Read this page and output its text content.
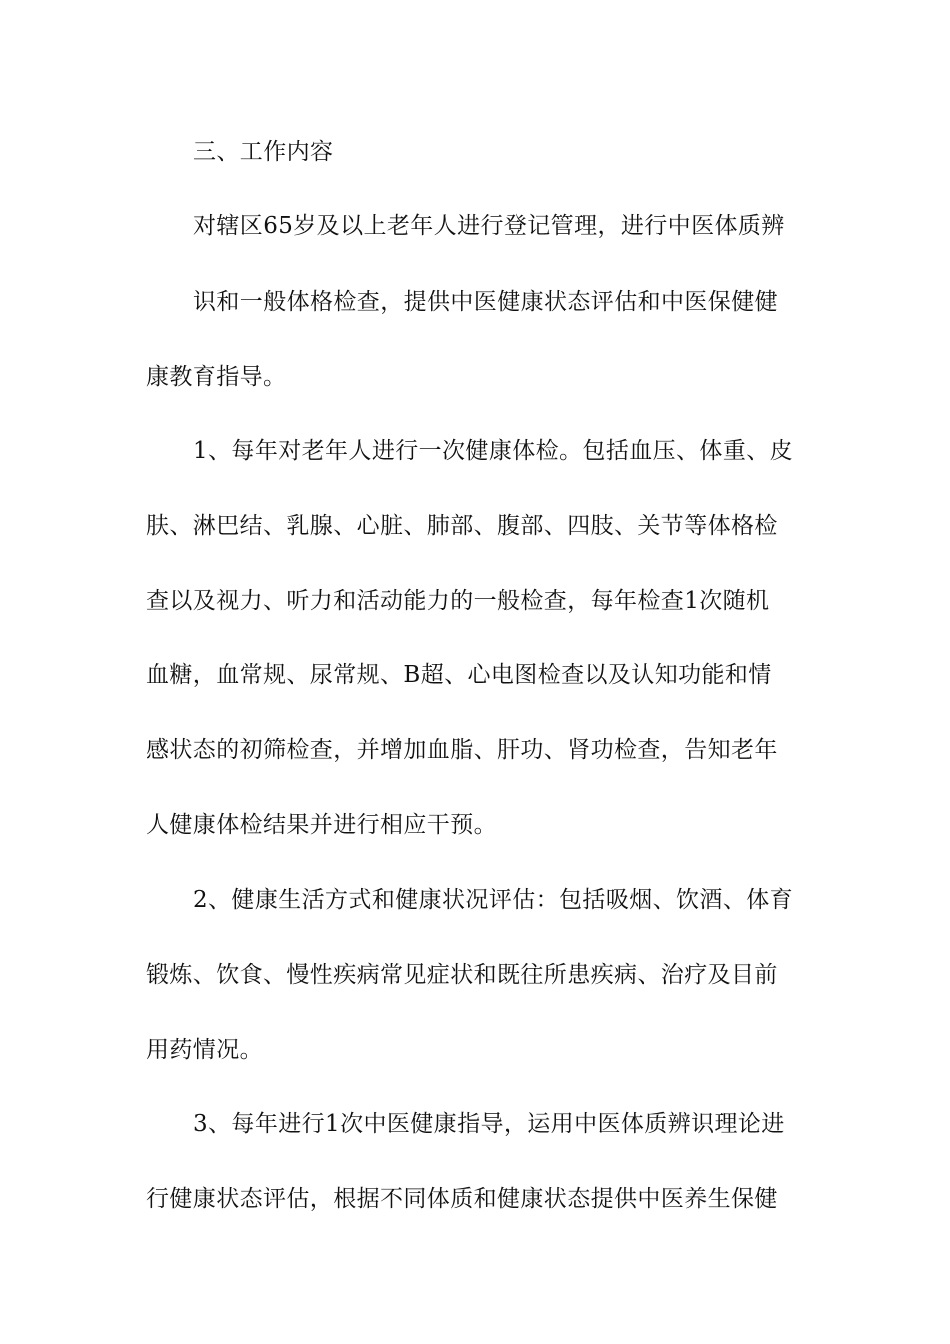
三、工作内容
对辖区65岁及以上老年人进行登记管理，进行中医体质辨
识和一般体格检查，提供中医健康状态评估和中医保健健
康教育指导。
1、每年对老年人进行一次健康体检。包括血压、体重、皮
肤、淋巴结、乳腺、心脏、肺部、腹部、四肢、关节等体格检
查以及视力、听力和活动能力的一般检查，每年检查1次随机
血糖，血常规、尿常规、B超、心电图检查以及认知功能和情
感状态的初筛检查，并增加血脂、肝功、肾功检查，告知老年
人健康体检结果并进行相应干预。
2、健康生活方式和健康状况评估：包括吸烟、饮酒、体育
锻炼、饮食、慢性疾病常见症状和既往所患疾病、治疗及目前
用药情况。
3、每年进行1次中医健康指导，运用中医体质辨识理论进
行健康状态评估，根据不同体质和健康状态提供中医养生保健
